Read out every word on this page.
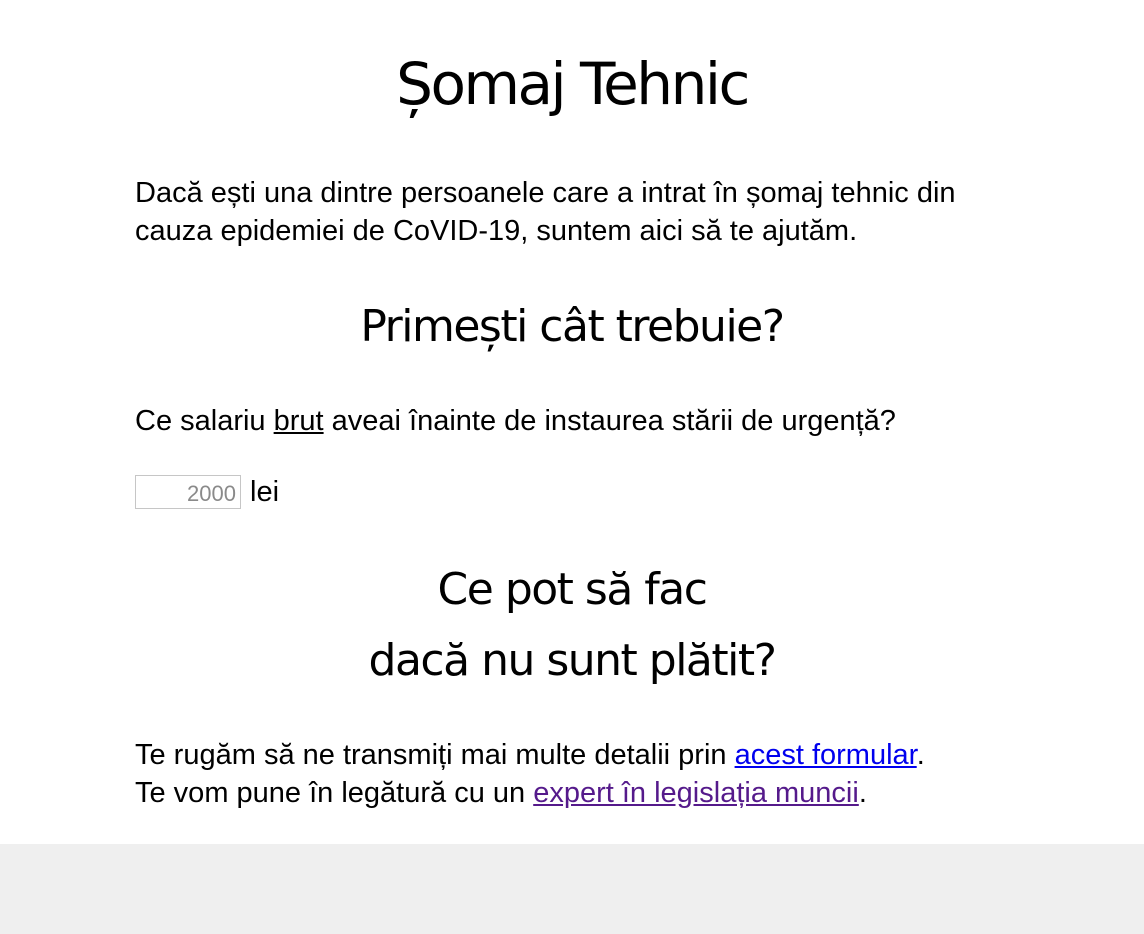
Șomaj Tehnic

Dacă ești una dintre persoanele care a intrat în șomaj tehnic din

cauza epidemiei de CoVID-19, suntem aici să te ajutăm.

Primești cât trebuie?

Ce salariu brut aveai înainte de instaurea stării de urgență?

2000
lei
Ce pot să fac
dacă nu sunt plătit?

Te rugăm să ne transmiți mai multe detalii prin acest formular.

Te vom pune în legătură cu un expert în legislația muncii.
